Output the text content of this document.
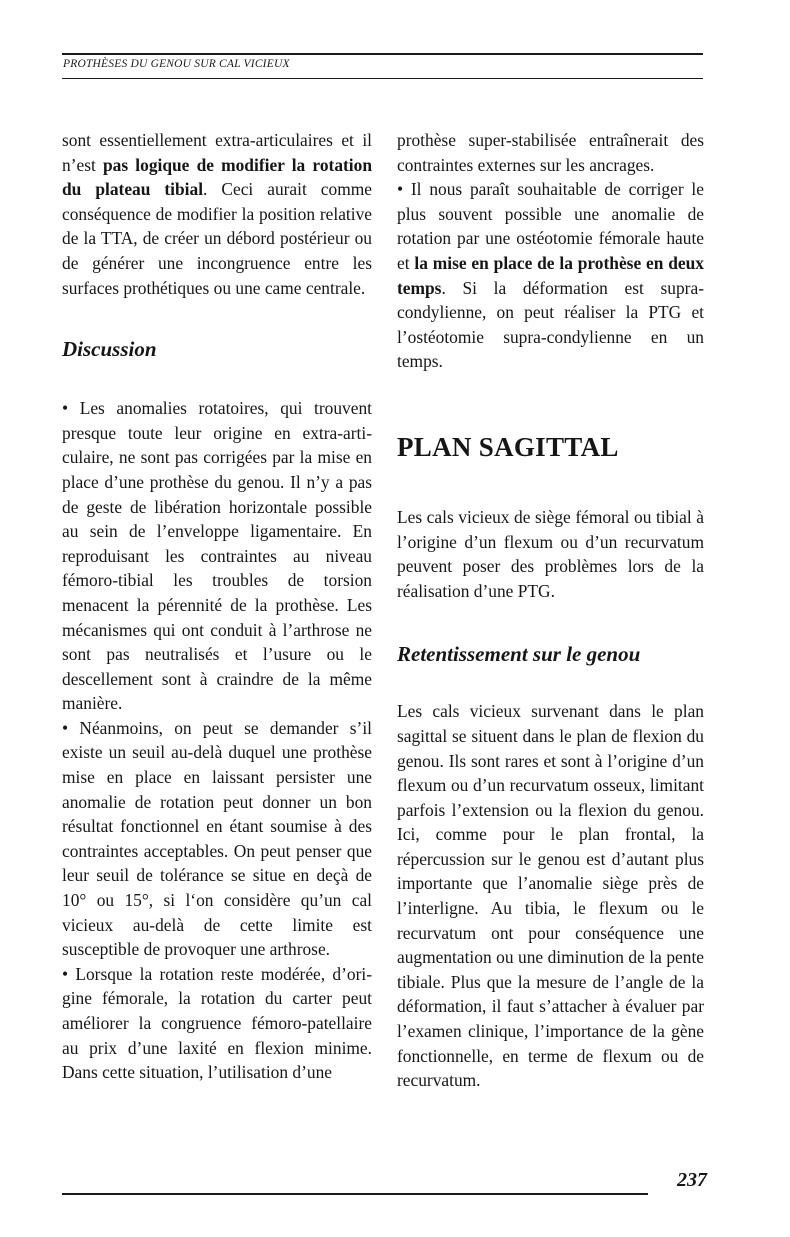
PROTHÈSES DU GENOU SUR CAL VICIEUX

sont essentiellement extra-articulaires et il n’est pas logique de modifier la rotation du plateau tibial. Ceci aurait comme conséquence de modifier la position relative de la TTA, de créer un débord postérieur ou de générer une incongruence entre les surfaces prothétiques ou une came centrale.

Discussion

• Les anomalies rotatoires, qui trouvent presque toute leur origine en extra-articulaire, ne sont pas corrigées par la mise en place d’une prothèse du genou. Il n’y a pas de geste de libération horizontale possible au sein de l’enveloppe ligamentaire. En reproduisant les contraintes au niveau fémoro-tibial les troubles de torsion menacent la pérennité de la prothèse. Les mécanismes qui ont conduit à l’arthrose ne sont pas neutralisés et l’usure ou le descellement sont à craindre de la même manière.

• Néanmoins, on peut se demander s’il existe un seuil au-delà duquel une prothèse mise en place en laissant persister une anomalie de rotation peut donner un bon résultat fonctionnel en étant soumise à des contraintes acceptables. On peut penser que leur seuil de tolérance se situe en deçà de 10° ou 15°, si l‘on considère qu’un cal vicieux au-delà de cette limite est susceptible de provoquer une arthrose.

• Lorsque la rotation reste modérée, d’origine fémorale, la rotation du carter peut améliorer la congruence fémoro-patellaire au prix d’une laxité en flexion minime. Dans cette situation, l’utilisation d’une

prothèse super-stabilisée entraînerait des contraintes externes sur les ancrages.

• Il nous paraît souhaitable de corriger le plus souvent possible une anomalie de rotation par une ostéotomie fémorale haute et la mise en place de la prothèse en deux temps. Si la déformation est supra-condylienne, on peut réaliser la PTG et l’ostéotomie supra-condylienne en un temps.

PLAN SAGITTAL

Les cals vicieux de siège fémoral ou tibial à l’origine d’un flexum ou d’un recurvatum peuvent poser des problèmes lors de la réalisation d’une PTG.

Retentissement sur le genou

Les cals vicieux survenant dans le plan sagittal se situent dans le plan de flexion du genou. Ils sont rares et sont à l’origine d’un flexum ou d’un recurvatum osseux, limitant parfois l’extension ou la flexion du genou. Ici, comme pour le plan frontal, la répercussion sur le genou est d’autant plus importante que l’anomalie siège près de l’interligne. Au tibia, le flexum ou le recurvatum ont pour conséquence une augmentation ou une diminution de la pente tibiale. Plus que la mesure de l’angle de la déformation, il faut s’attacher à évaluer par l’examen clinique, l’importance de la gène fonctionnelle, en terme de flexum ou de recurvatum.

237
